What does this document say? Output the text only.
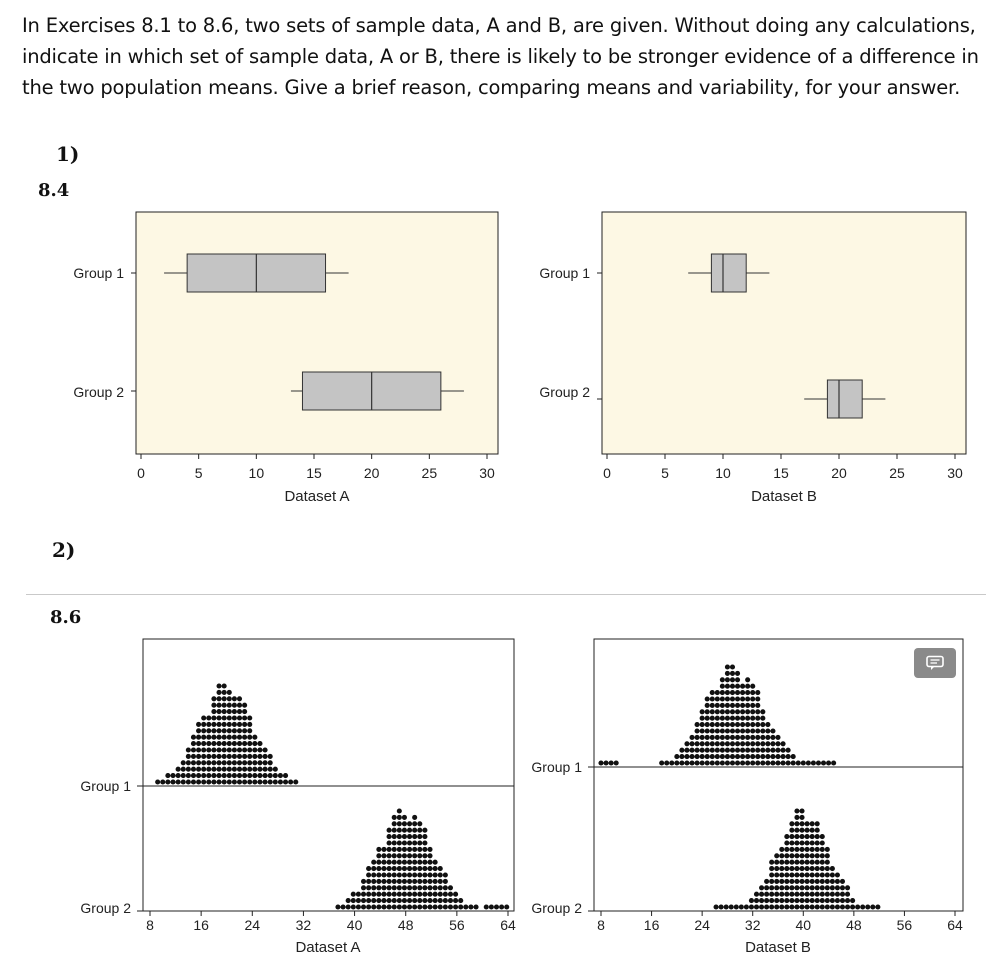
In Exercises 8.1 to 8.6, two sets of sample data, A and B, are given. Without doing any calculations, indicate in which set of sample data, A or B, there is likely to be stronger evidence of a difference in the two population means. Give a brief reason, comparing means and variability, for your answer.
1)
8.4
2)
8.6
0	5	10	15	20	25	30
Group 1
Group 2
Dataset A
0	5	10	15	20	25	30
Group 1
Group 2
Dataset B
8	16	24	32	40	48	56	64
Group 1
Group 2
Dataset A
8	16 24 32 40 48 56 64
Group 1
Group 2
Dataset B
